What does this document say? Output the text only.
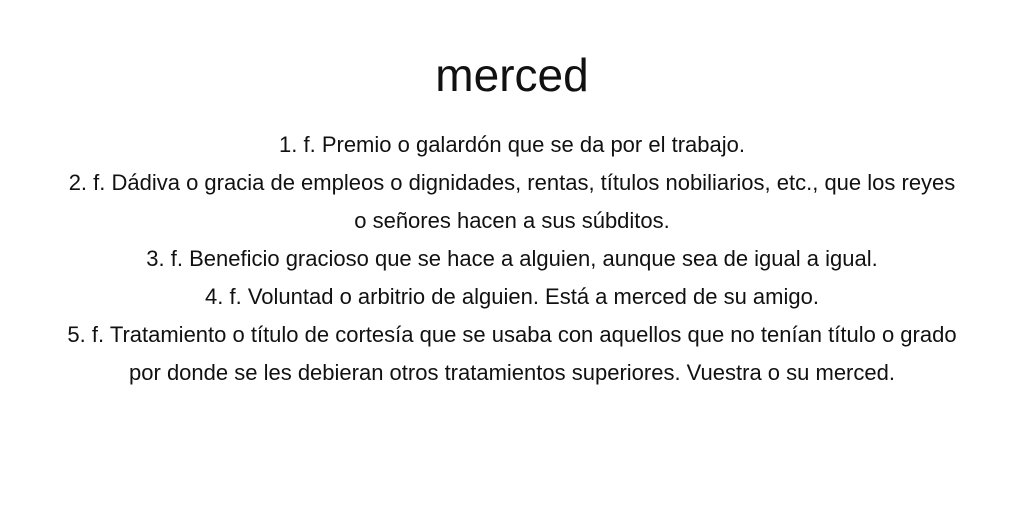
merced
1. f. Premio o galardón que se da por el trabajo.
2. f. Dádiva o gracia de empleos o dignidades, rentas, títulos nobiliarios, etc., que los reyes o señores hacen a sus súbditos.
3. f. Beneficio gracioso que se hace a alguien, aunque sea de igual a igual.
4. f. Voluntad o arbitrio de alguien. Está a merced de su amigo.
5. f. Tratamiento o título de cortesía que se usaba con aquellos que no tenían título o grado por donde se les debieran otros tratamientos superiores. Vuestra o su merced.
